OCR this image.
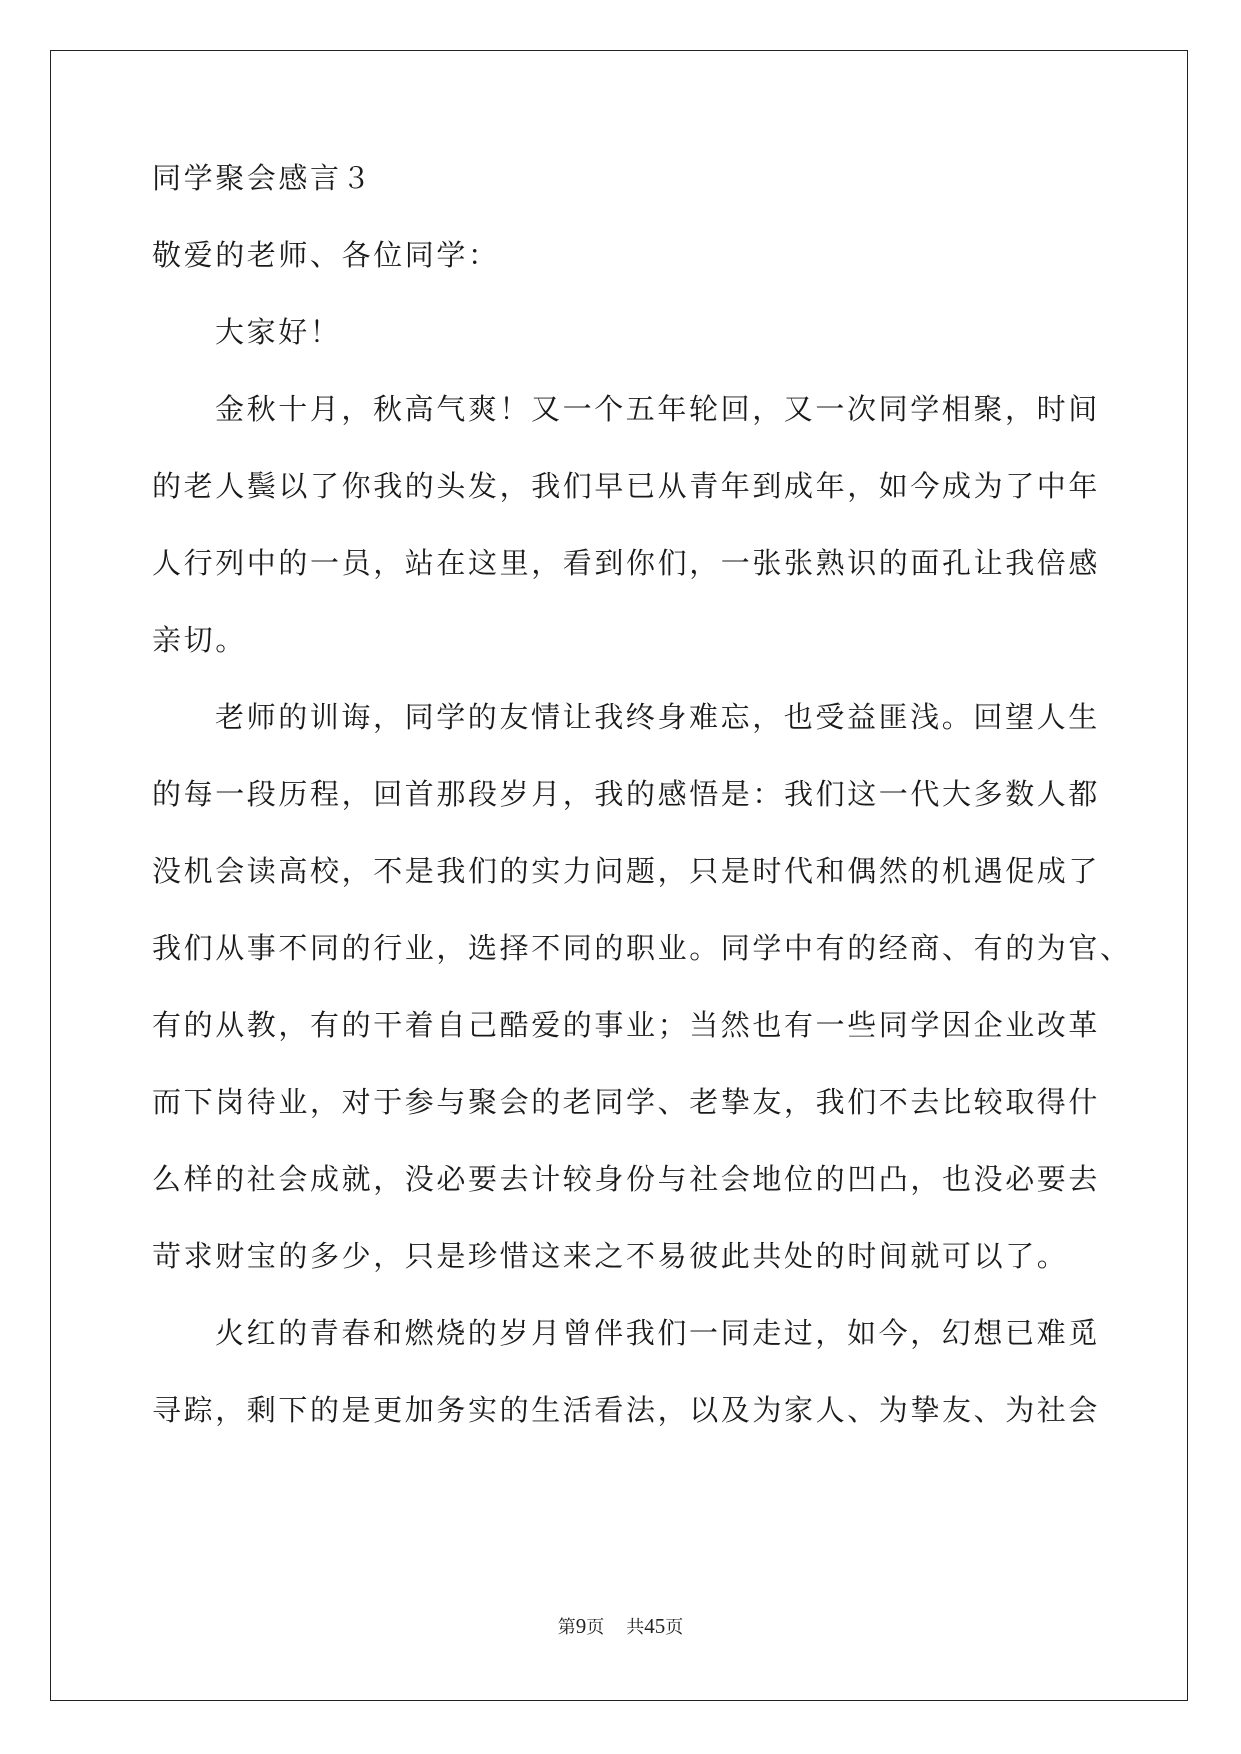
同学聚会感言３
敬爱的老师、各位同学：
大家好！
金秋十月，秋高气爽！又一个五年轮回，又一次同学相聚，时间
的老人鬓以了你我的头发，我们早已从青年到成年，如今成为了中年
人行列中的一员，站在这里，看到你们，一张张熟识的面孔让我倍感
亲切。
老师的训诲，同学的友情让我终身难忘，也受益匪浅。回望人生
的每一段历程，回首那段岁月，我的感悟是：我们这一代大多数人都
没机会读高校，不是我们的实力问题，只是时代和偶然的机遇促成了
我们从事不同的行业，选择不同的职业。同学中有的经商、有的为官、
有的从教，有的干着自己酷爱的事业；当然也有一些同学因企业改革
而下岗待业，对于参与聚会的老同学、老挚友，我们不去比较取得什
么样的社会成就，没必要去计较身份与社会地位的凹凸，也没必要去
苛求财宝的多少，只是珍惜这来之不易彼此共处的时间就可以了。
火红的青春和燃烧的岁月曾伴我们一同走过，如今，幻想已难觅
寻踪，剩下的是更加务实的生活看法，以及为家人、为挚友、为社会
第9页 共45页
